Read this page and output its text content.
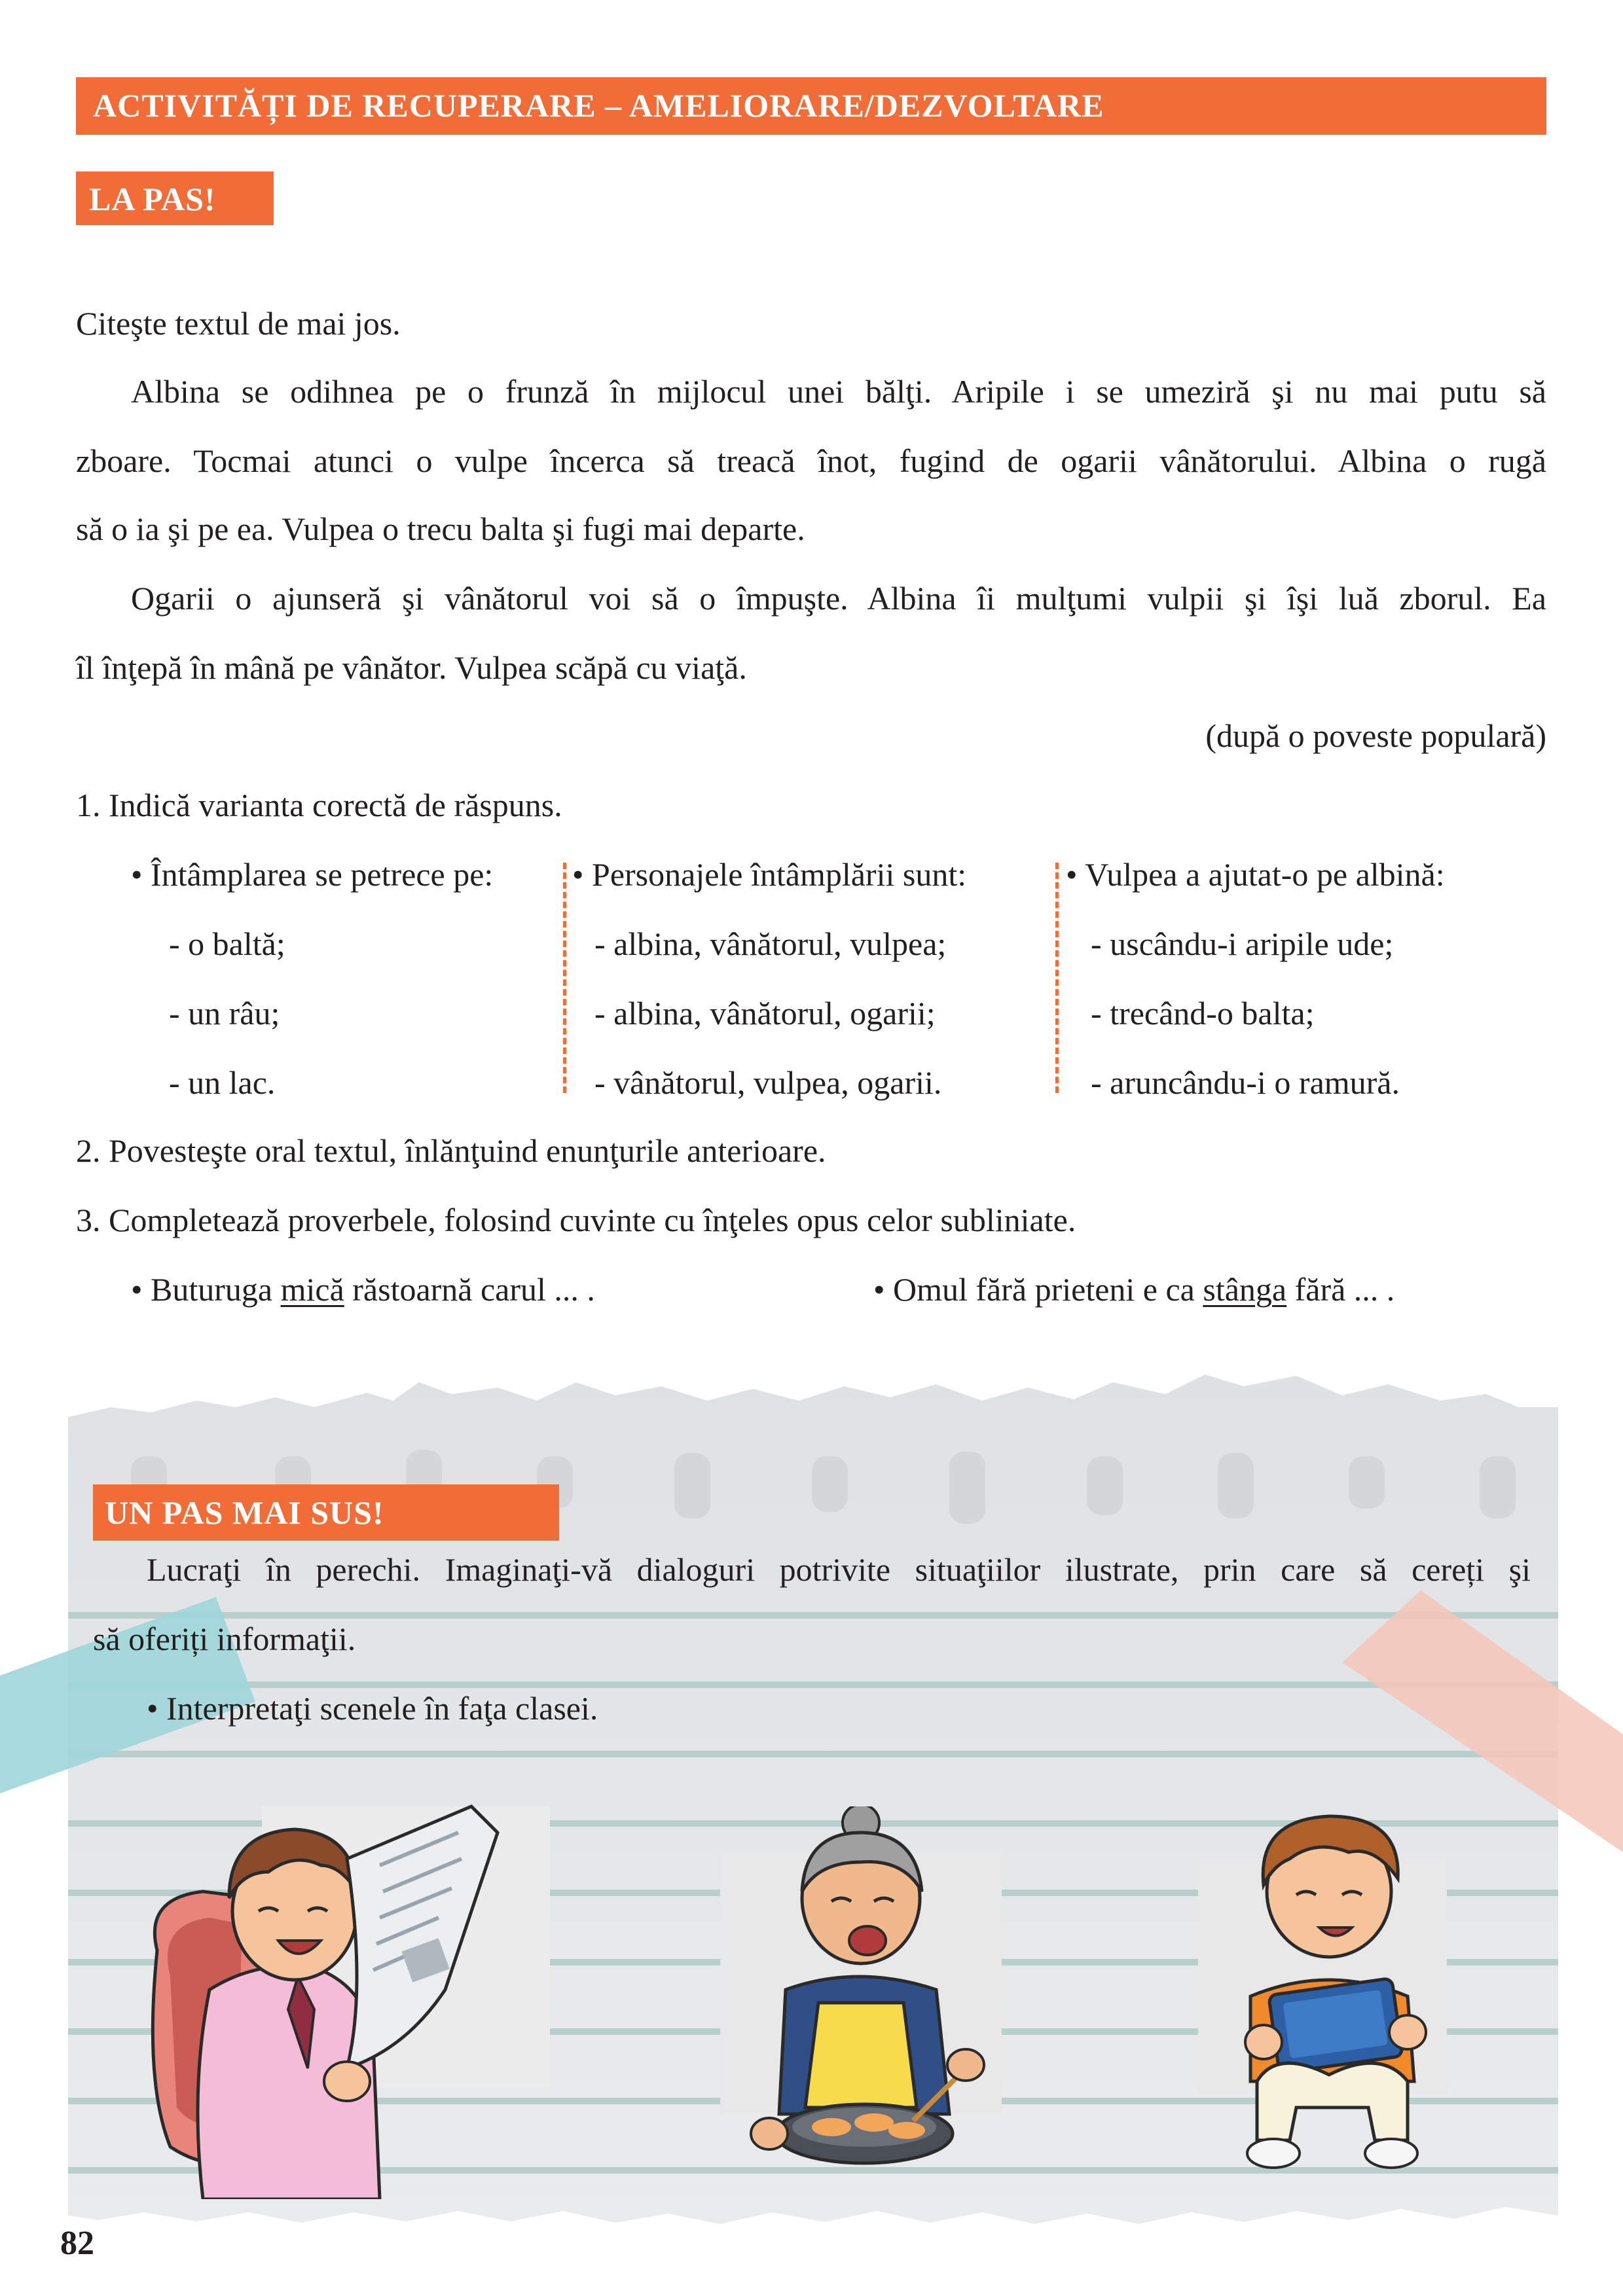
ACTIVITĂȚI DE RECUPERARE – AMELIORARE/DEZVOLTARE
LA PAS!
Citeşte textul de mai jos.
Albina se odihnea pe o frunză în mijlocul unei bălţi. Aripile i se umeziră şi nu mai putu să
zboare. Tocmai atunci o vulpe încerca să treacă înot, fugind de ogarii vânătorului. Albina o rugă
să o ia şi pe ea. Vulpea o trecu balta şi fugi mai departe.
Ogarii o ajunseră şi vânătorul voi să o împuşte. Albina îi mulţumi vulpii şi îşi luă zborul. Ea
îl înţepă în mână pe vânător. Vulpea scăpă cu viaţă.
(după o poveste populară)
1. Indică varianta corectă de răspuns.
• Întâmplarea se petrece pe:
- o baltă;
- un râu;
- un lac.
• Personajele întâmplării sunt:
- albina, vânătorul, vulpea;
- albina, vânătorul, ogarii;
- vânătorul, vulpea, ogarii.
• Vulpea a ajutat-o pe albină:
- uscându-i aripile ude;
- trecând-o balta;
- aruncându-i o ramură.
2. Povesteşte oral textul, înlănţuind enunţurile anterioare.
3. Completează proverbele, folosind cuvinte cu înţeles opus celor subliniate.
• Buturuga mică răstoarnă carul ... .	• Omul fără prieteni e ca stânga fără ... .
UN PAS MAI SUS!
Lucraţi în perechi. Imaginaţi-vă dialoguri potrivite situaţiilor ilustrate, prin care să cereți şi
să oferiți informaţii.
• Interpretaţi scenele în faţa clasei.
82
